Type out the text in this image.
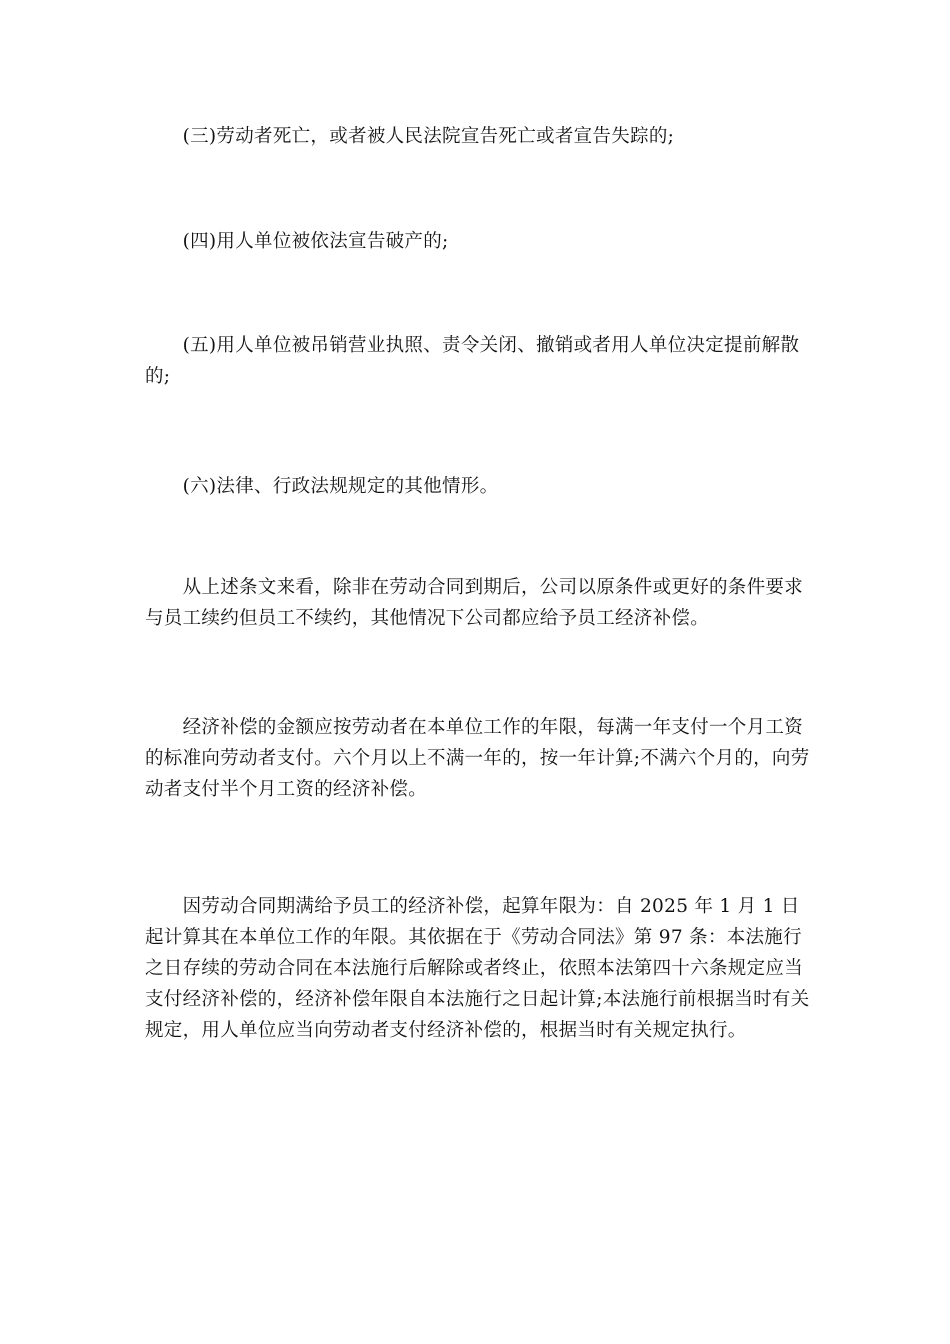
　　(三)劳动者死亡，或者被人民法院宣告死亡或者宣告失踪的;

　　(四)用人单位被依法宣告破产的;

　　(五)用人单位被吊销营业执照、责令关闭、撤销或者用人单位决定提前解散的;

　　(六)法律、行政法规规定的其他情形。

　　从上述条文来看，除非在劳动合同到期后，公司以原条件或更好的条件要求与员工续约但员工不续约，其他情况下公司都应给予员工经济补偿。

　　经济补偿的金额应按劳动者在本单位工作的年限，每满一年支付一个月工资的标准向劳动者支付。六个月以上不满一年的，按一年计算;不满六个月的，向劳动者支付半个月工资的经济补偿。

　　因劳动合同期满给予员工的经济补偿，起算年限为：自 2025 年 1 月 1 日起计算其在本单位工作的年限。其依据在于《劳动合同法》第 97 条：本法施行之日存续的劳动合同在本法施行后解除或者终止，依照本法第四十六条规定应当支付经济补偿的，经济补偿年限自本法施行之日起计算;本法施行前根据当时有关规定，用人单位应当向劳动者支付经济补偿的，根据当时有关规定执行。
